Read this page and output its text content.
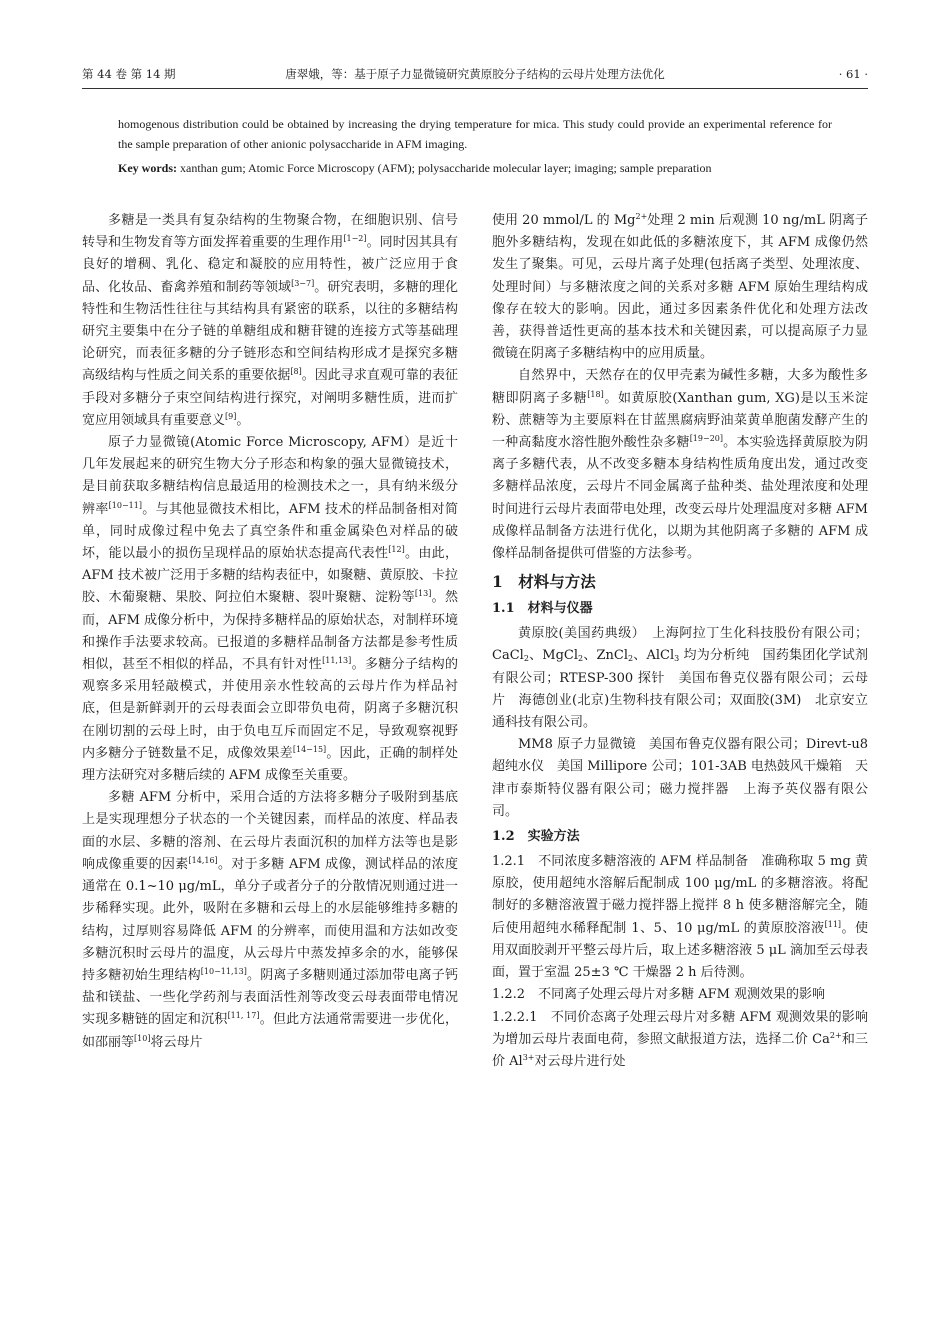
第 44 卷 第 14 期	唐翠娥，等：基于原子力显微镜研究黄原胶分子结构的云母片处理方法优化	· 61 ·

homogenous distribution could be obtained by increasing the drying temperature for mica. This study could provide an experimental reference for the sample preparation of other anionic polysaccharide in AFM imaging.

Key words: xanthan gum; Atomic Force Microscopy (AFM); polysaccharide molecular layer; imaging; sample preparation

多糖是一类具有复杂结构的生物聚合物，在细胞识别、信号转导和生物发育等方面发挥着重要的生理作用[1−2]。同时因其具有良好的增稠、乳化、稳定和凝胶的应用特性，被广泛应用于食品、化妆品、畜禽养殖和制药等领域[3−7]。研究表明，多糖的理化特性和生物活性往往与其结构具有紧密的联系，以往的多糖结构研究主要集中在分子链的单糖组成和糖苷键的连接方式等基础理论研究，而表征多糖的分子链形态和空间结构形成才是探究多糖高级结构与性质之间关系的重要依据[8]。因此寻求直观可靠的表征手段对多糖分子束空间结构进行探究，对阐明多糖性质，进而扩宽应用领域具有重要意义[9]。

原子力显微镜(Atomic Force Microscopy, AFM）是近十几年发展起来的研究生物大分子形态和构象的强大显微镜技术，是目前获取多糖结构信息最适用的检测技术之一，具有纳米级分辨率[10−11]。与其他显微技术相比，AFM 技术的样品制备相对简单，同时成像过程中免去了真空条件和重金属染色对样品的破坏，能以最小的损伤呈现样品的原始状态提高代表性[12]。由此，AFM 技术被广泛用于多糖的结构表征中，如聚糖、黄原胶、卡拉胶、木葡聚糖、果胶、阿拉伯木聚糖、裂叶聚糖、淀粉等[13]。然而，AFM 成像分析中，为保持多糖样品的原始状态，对制样环境和操作手法要求较高。已报道的多糖样品制备方法都是参考性质相似，甚至不相似的样品，不具有针对性[11,13]。多糖分子结构的观察多采用轻敲模式，并使用亲水性较高的云母片作为样品衬底，但是新鲜剥开的云母表面会立即带负电荷，阴离子多糖沉积在刚切割的云母上时，由于负电互斥而固定不足，导致观察视野内多糖分子链数量不足，成像效果差[14−15]。因此，正确的制样处理方法研究对多糖后续的 AFM 成像至关重要。

多糖 AFM 分析中，采用合适的方法将多糖分子吸附到基底上是实现理想分子状态的一个关键因素，而样品的浓度、样品表面的水层、多糖的溶剂、在云母片表面沉积的加样方法等也是影响成像重要的因素[14,16]。对于多糖 AFM 成像，测试样品的浓度通常在 0.1~10 μg/mL，单分子或者分子的分散情况则通过进一步稀释实现。此外，吸附在多糖和云母上的水层能够维持多糖的结构，过厚则容易降低 AFM 的分辨率，而使用温和方法如改变多糖沉积时云母片的温度，从云母片中蒸发掉多余的水，能够保持多糖初始生理结构[10−11,13]。阴离子多糖则通过添加带电离子钙盐和镁盐、一些化学药剂与表面活性剂等改变云母表面带电情况实现多糖链的固定和沉积[11, 17]。但此方法通常需要进一步优化，如邵丽等[10]将云母片

使用 20 mmol/L 的 $Mg^{2+}$处理 2 min 后观测 10 ng/mL 阴离子胞外多糖结构，发现在如此低的多糖浓度下，其 AFM 成像仍然发生了聚集。可见，云母片离子处理(包括离子类型、处理浓度、处理时间）与多糖浓度之间的关系对多糖 AFM 原始生理结构成像存在较大的影响。因此，通过多因素条件优化和处理方法改善，获得普适性更高的基本技术和关键因素，可以提高原子力显微镜在阴离子多糖结构中的应用质量。

自然界中，天然存在的仅甲壳素为碱性多糖，大多为酸性多糖即阴离子多糖[18]。如黄原胶(Xanthan gum, XG)是以玉米淀粉、蔗糖等为主要原料在甘蓝黑腐病野油菜黄单胞菌发酵产生的一种高黏度水溶性胞外酸性杂多糖[19−20]。本实验选择黄原胶为阴离子多糖代表，从不改变多糖本身结构性质角度出发，通过改变多糖样品浓度，云母片不同金属离子盐种类、盐处理浓度和处理时间进行云母片表面带电处理，改变云母片处理温度对多糖 AFM 成像样品制备方法进行优化，以期为其他阴离子多糖的 AFM 成像样品制备提供可借鉴的方法参考。

1　材料与方法
1.1　材料与仪器

黄原胶(美国药典级）　上海阿拉丁生化科技股份有限公司；CaCl$_2$、MgCl$_2$、ZnCl$_2$、AlCl$_3$ 均为分析纯　国药集团化学试剂有限公司；RTESP-300 探针　美国布鲁克仪器有限公司；云母片　海德创业(北京)生物科技有限公司；双面胶(3M)　北京安立通科技有限公司。

MM8 原子力显微镜　美国布鲁克仪器有限公司；Direvt-u8 超纯水仪　美国 Millipore 公司；101-3AB 电热鼓风干燥箱　天津市泰斯特仪器有限公司；磁力搅拌器　上海予英仪器有限公司。

1.2　实验方法

1.2.1　不同浓度多糖溶液的 AFM 样品制备　准确称取 5 mg 黄原胶，使用超纯水溶解后配制成 100 μg/mL 的多糖溶液。将配制好的多糖溶液置于磁力搅拌器上搅拌 8 h 使多糖溶解完全，随后使用超纯水稀释配制 1、5、10 μg/mL 的黄原胶溶液[11]。使用双面胶剥开平整云母片后，取上述多糖溶液 5 μL 滴加至云母表面，置于室温 25±3 ℃ 干燥器 2 h 后待测。

1.2.2　不同离子处理云母片对多糖 AFM 观测效果的影响

1.2.2.1　不同价态离子处理云母片对多糖 AFM 观测效果的影响　为增加云母片表面电荷，参照文献报道方法，选择二价 $Ca^{2+}$和三价 $Al^{3+}$对云母片进行处
